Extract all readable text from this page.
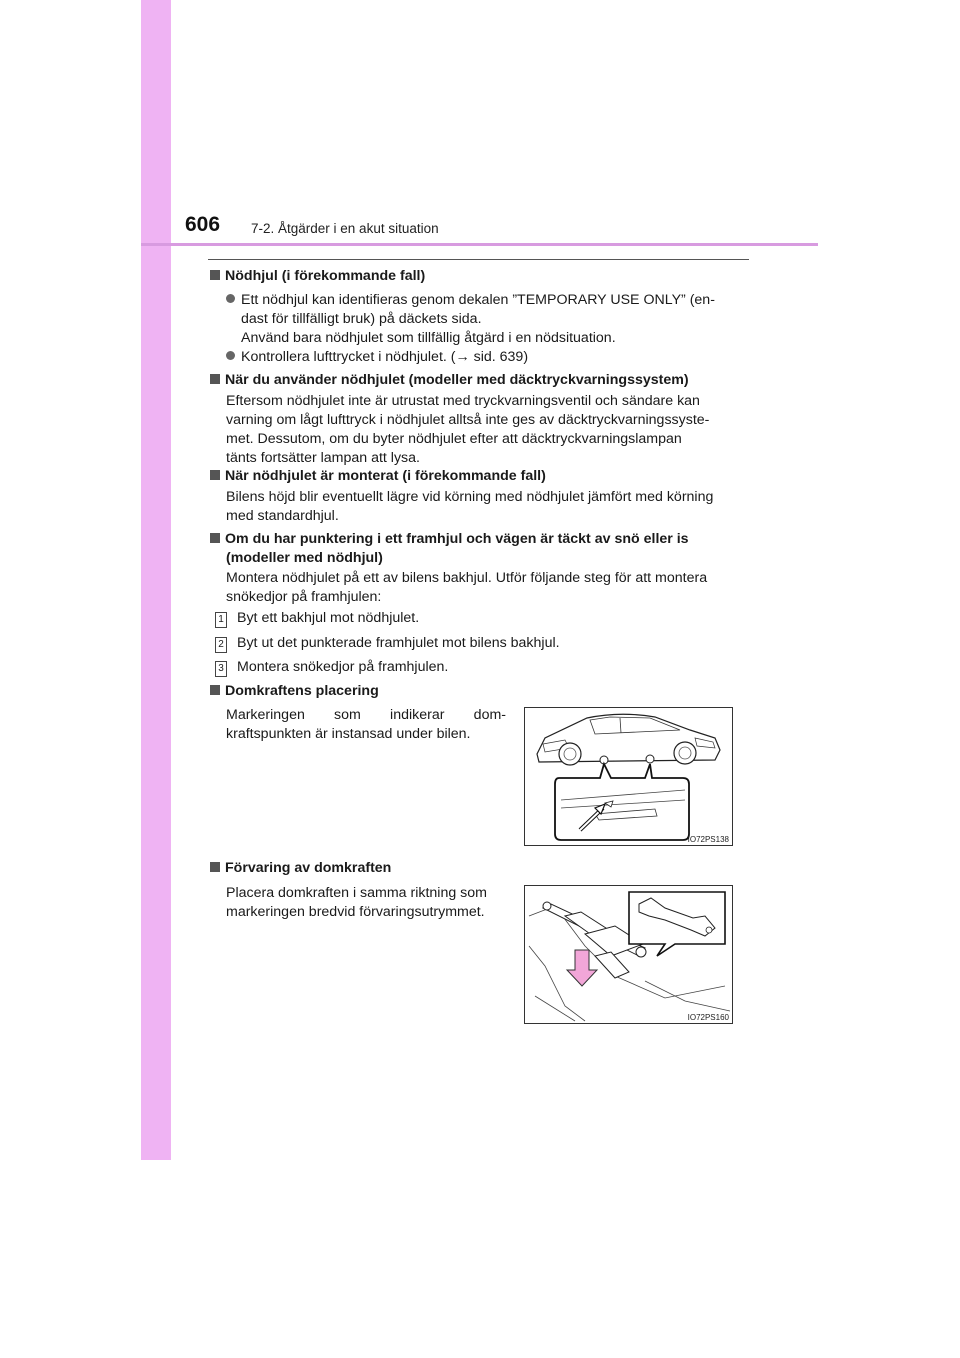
606 7-2. Åtgärder i en akut situation
Nödhjul (i förekommande fall)
Ett nödhjul kan identifieras genom dekalen ”TEMPORARY USE ONLY” (en-
dast för tillfälligt bruk) på däckets sida.
Använd bara nödhjulet som tillfällig åtgärd i en nödsituation.
Kontrollera lufttrycket i nödhjulet. (→ sid. 639)
När du använder nödhjulet (modeller med däcktryckvarningssystem)
Eftersom nödhjulet inte är utrustat med tryckvarningsventil och sändare kan
varning om lågt lufttryck i nödhjulet alltså inte ges av däcktryckvarningssyste-
met. Dessutom, om du byter nödhjulet efter att däcktryckvarningslampan
tänts fortsätter lampan att lysa.
När nödhjulet är monterat (i förekommande fall)
Bilens höjd blir eventuellt lägre vid körning med nödhjulet jämfört med körning
med standardhjul.
Om du har punktering i ett framhjul och vägen är täckt av snö eller is
(modeller med nödhjul)
Montera nödhjulet på ett av bilens bakhjul. Utför följande steg för att montera
snökedjor på framhjulen:
1 Byt ett bakhjul mot nödhjulet.
2 Byt ut det punkterade framhjulet mot bilens bakhjul.
3 Montera snökedjor på framhjulen.
Domkraftens placering
Markeringen som indikerar dom-
kraftspunkten är instansad under bilen.
IO72PS138
Förvaring av domkraften
Placera domkraften i samma riktning som
markeringen bredvid förvaringsutrymmet.
IO72PS160
